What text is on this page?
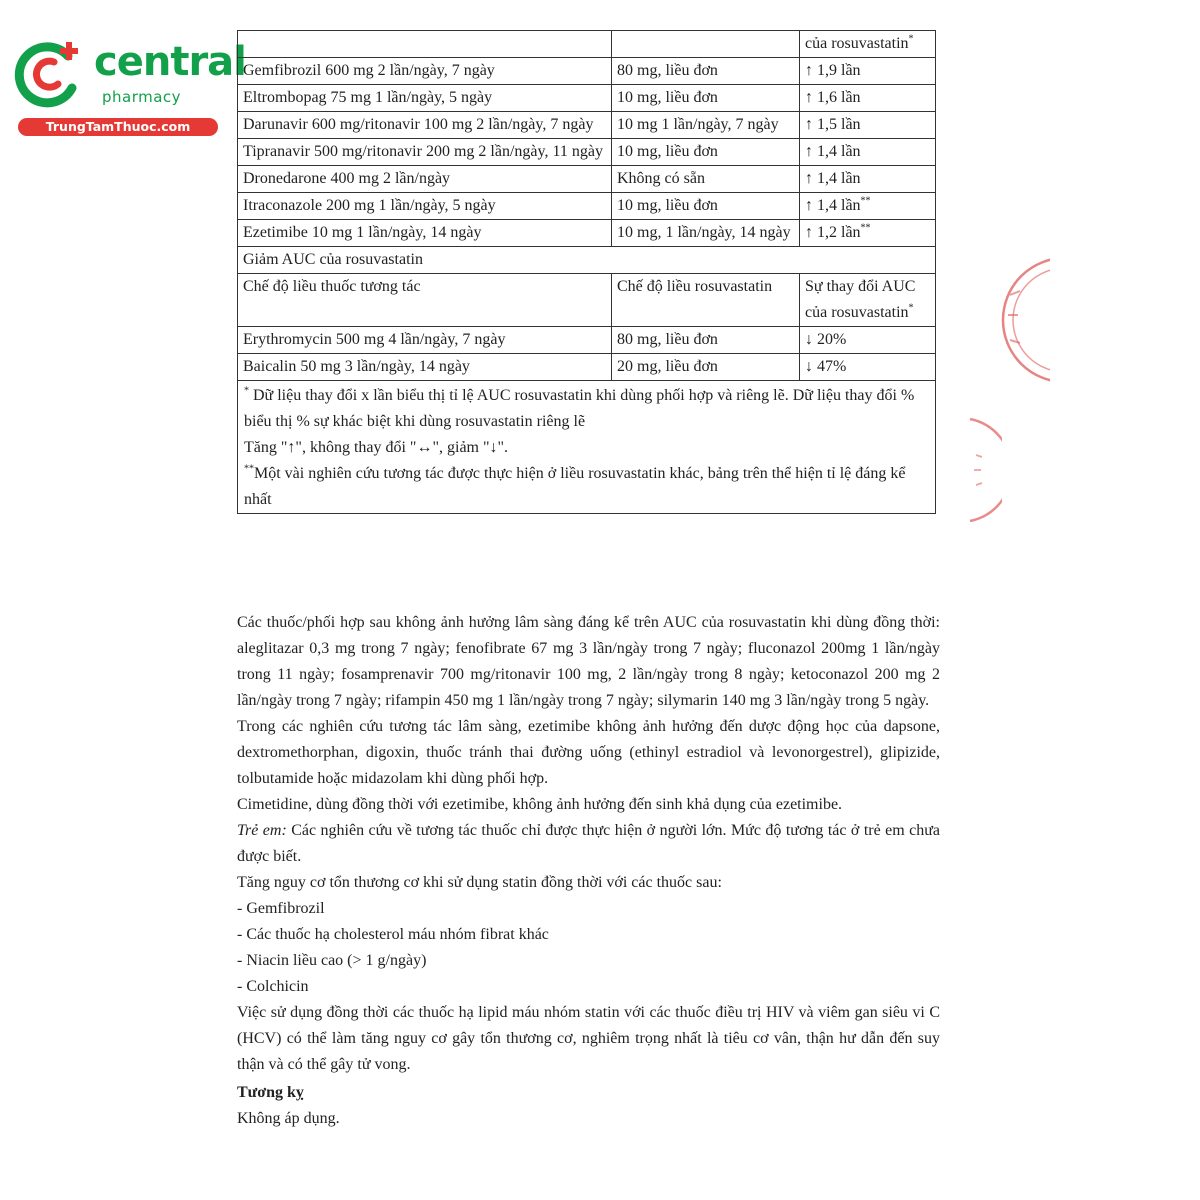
central
pharmacy
TrungTamThuoc.com
		của rosuvastatin*
Gemfibrozil 600 mg 2 lần/ngày, 7 ngày	80 mg, liều đơn	↑ 1,9 lần
Eltrombopag 75 mg 1 lần/ngày, 5 ngày	10 mg, liều đơn	↑ 1,6 lần
Darunavir 600 mg/ritonavir 100 mg 2 lần/ngày, 7 ngày	10 mg 1 lần/ngày, 7 ngày	↑ 1,5 lần
Tipranavir 500 mg/ritonavir 200 mg 2 lần/ngày, 11 ngày	10 mg, liều đơn	↑ 1,4 lần
Dronedarone 400 mg 2 lần/ngày	Không có sẵn	↑ 1,4 lần
Itraconazole 200 mg 1 lần/ngày, 5 ngày	10 mg, liều đơn	↑ 1,4 lần**
Ezetimibe 10 mg 1 lần/ngày, 14 ngày	10 mg, 1 lần/ngày, 14 ngày	↑ 1,2 lần**
Giảm AUC của rosuvastatin		
Chế độ liều thuốc tương tác	Chế độ liều rosuvastatin	Sự thay đổi AUC của rosuvastatin*
Erythromycin 500 mg 4 lần/ngày, 7 ngày	80 mg, liều đơn	↓ 20%
Baicalin 50 mg 3 lần/ngày, 14 ngày	20 mg, liều đơn	↓ 47%

* Dữ liệu thay đổi x lần biểu thị tỉ lệ AUC rosuvastatin khi dùng phối hợp và riêng lẽ. Dữ liệu thay đổi % biểu thị % sự khác biệt khi dùng rosuvastatin riêng lẽ

Tăng "↑", không thay đổi "↔", giảm "↓".

**Một vài nghiên cứu tương tác được thực hiện ở liều rosuvastatin khác, bảng trên thể hiện tỉ lệ đáng kể nhất		

Các thuốc/phối hợp sau không ảnh hưởng lâm sàng đáng kể trên AUC của rosuvastatin khi dùng đồng thời: aleglitazar 0,3 mg trong 7 ngày; fenofibrate 67 mg 3 lần/ngày trong 7 ngày; fluconazol 200mg 1 lần/ngày trong 11 ngày; fosamprenavir 700 mg/ritonavir 100 mg, 2 lần/ngày trong 8 ngày; ketoconazol 200 mg 2 lần/ngày trong 7 ngày; rifampin 450 mg 1 lần/ngày trong 7 ngày; silymarin 140 mg 3 lần/ngày trong 5 ngày.

Trong các nghiên cứu tương tác lâm sàng, ezetimibe không ảnh hưởng đến dược động học của dapsone, dextromethorphan, digoxin, thuốc tránh thai đường uống (ethinyl estradiol và levonorgestrel), glipizide, tolbutamide hoặc midazolam khi dùng phối hợp.

Cimetidine, dùng đồng thời với ezetimibe, không ảnh hưởng đến sinh khả dụng của ezetimibe.

Trẻ em: Các nghiên cứu về tương tác thuốc chỉ được thực hiện ở người lớn. Mức độ tương tác ở trẻ em chưa được biết.

Tăng nguy cơ tổn thương cơ khi sử dụng statin đồng thời với các thuốc sau:

- Gemfibrozil

- Các thuốc hạ cholesterol máu nhóm fibrat khác

- Niacin liều cao (> 1 g/ngày)

- Colchicin

Việc sử dụng đồng thời các thuốc hạ lipid máu nhóm statin với các thuốc điều trị HIV và viêm gan siêu vi C (HCV) có thể làm tăng nguy cơ gây tổn thương cơ, nghiêm trọng nhất là tiêu cơ vân, thận hư dẫn đến suy thận và có thể gây tử vong.

Tương kỵ

Không áp dụng.
